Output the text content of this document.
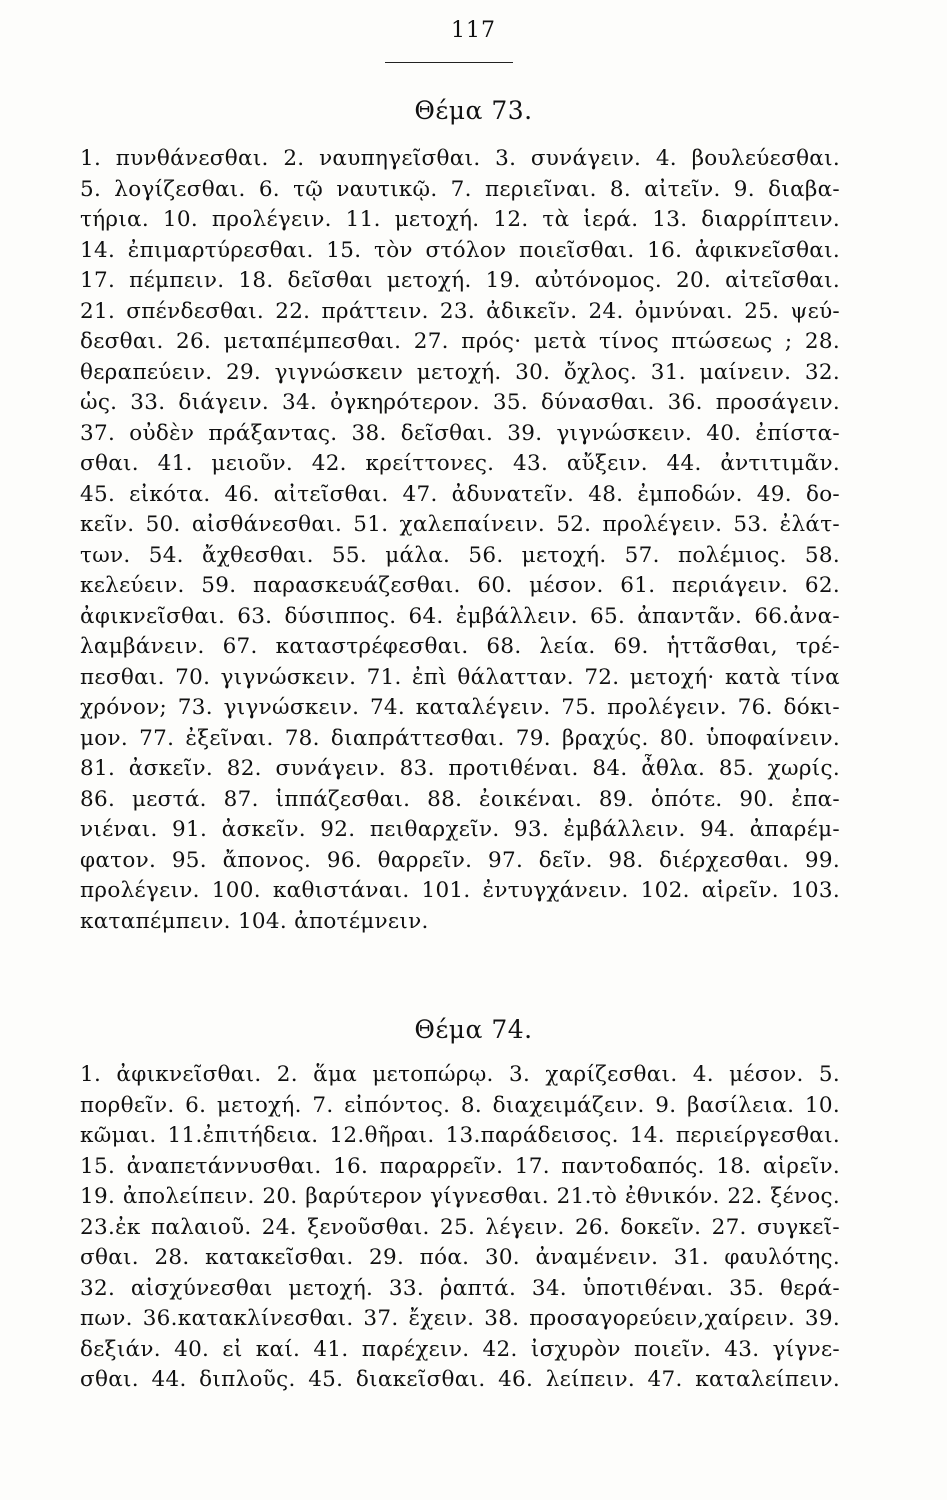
117
Θέμα 73.
1. πυνθάνεσθαι. 2. ναυπηγεῖσθαι. 3. συνάγειν. 4. βουλεύεσθαι.
5. λογίζεσθαι. 6. τῷ ναυτικῷ. 7. περιεῖναι. 8. αἰτεῖν. 9. διαβα-
τήρια. 10. προλέγειν. 11. μετοχή. 12. τὰ ἱερά. 13. διαρρίπτειν.
14. ἐπιμαρτύρεσθαι. 15. τὸν στόλον ποιεῖσθαι. 16. ἀφικνεῖσθαι.
17. πέμπειν. 18. δεῖσθαι μετοχή. 19. αὐτόνομος. 20. αἰτεῖσθαι.
21. σπένδεσθαι. 22. πράττειν. 23. ἀδικεῖν. 24. ὀμνύναι. 25. ψεύ-
δεσθαι. 26. μεταπέμπεσθαι. 27. πρός· μετὰ τίνος πτώσεως ; 28.
θεραπεύειν. 29. γιγνώσκειν μετοχή. 30. ὄχλος. 31. μαίνειν. 32.
ὡς. 33. διάγειν. 34. ὀγκηρότερον. 35. δύνασθαι. 36. προσάγειν.
37. οὐδὲν πράξαντας. 38. δεῖσθαι. 39. γιγνώσκειν. 40. ἐπίστα-
σθαι. 41. μειοῦν. 42. κρείττονες. 43. αὔξειν. 44. ἀντιτιμᾶν.
45. εἰκότα. 46. αἰτεῖσθαι. 47. ἀδυνατεῖν. 48. ἐμποδών. 49. δο-
κεῖν. 50. αἰσθάνεσθαι. 51. χαλεπαίνειν. 52. προλέγειν. 53. ἐλάτ-
των. 54. ἄχθεσθαι. 55. μάλα. 56. μετοχή. 57. πολέμιος. 58.
κελεύειν. 59. παρασκευάζεσθαι. 60. μέσον. 61. περιάγειν. 62.
ἀφικνεῖσθαι. 63. δύσιππος. 64. ἐμβάλλειν. 65. ἀπαντᾶν. 66.ἀνα-
λαμβάνειν. 67. καταστρέφεσθαι. 68. λεία. 69. ἡττᾶσθαι, τρέ-
πεσθαι. 70. γιγνώσκειν. 71. ἐπὶ θάλατταν. 72. μετοχή· κατὰ τίνα
χρόνον; 73. γιγνώσκειν. 74. καταλέγειν. 75. προλέγειν. 76. δόκι-
μον. 77. ἐξεῖναι. 78. διαπράττεσθαι. 79. βραχύς. 80. ὑποφαίνειν.
81. ἀσκεῖν. 82. συνάγειν. 83. προτιθέναι. 84. ἆθλα. 85. χωρίς.
86. μεστά. 87. ἱππάζεσθαι. 88. ἐοικέναι. 89. ὁπότε. 90. ἐπα-
νιέναι. 91. ἀσκεῖν. 92. πειθαρχεῖν. 93. ἐμβάλλειν. 94. ἀπαρέμ-
φατον. 95. ἄπονος. 96. θαρρεῖν. 97. δεῖν. 98. διέρχεσθαι. 99.
προλέγειν. 100. καθιστάναι. 101. ἐντυγχάνειν. 102. αἱρεῖν. 103.
καταπέμπειν. 104. ἀποτέμνειν.
Θέμα 74.
1. ἀφικνεῖσθαι. 2. ἅμα μετοπώρῳ. 3. χαρίζεσθαι. 4. μέσον. 5.
πορθεῖν. 6. μετοχή. 7. εἰπόντος. 8. διαχειμάζειν. 9. βασίλεια. 10.
κῶμαι. 11.ἐπιτήδεια. 12.θῆραι. 13.παράδεισος. 14. περιείργεσθαι.
15. ἀναπετάννυσθαι. 16. παραρρεῖν. 17. παντοδαπός. 18. αἱρεῖν.
19. ἀπολείπειν. 20. βαρύτερον γίγνεσθαι. 21.τὸ ἐθνικόν. 22. ξένος.
23.ἐκ παλαιοῦ. 24. ξενοῦσθαι. 25. λέγειν. 26. δοκεῖν. 27. συγκεῖ-
σθαι. 28. κατακεῖσθαι. 29. πόα. 30. ἀναμένειν. 31. φαυλότης.
32. αἰσχύνεσθαι μετοχή. 33. ῥαπτά. 34. ὑποτιθέναι. 35. θερά-
πων. 36.κατακλίνεσθαι. 37. ἔχειν. 38. προσαγορεύειν,χαίρειν. 39.
δεξιάν. 40. εἰ καί. 41. παρέχειν. 42. ἰσχυρὸν ποιεῖν. 43. γίγνε-
σθαι. 44. διπλοῦς. 45. διακεῖσθαι. 46. λείπειν. 47. καταλείπειν.
